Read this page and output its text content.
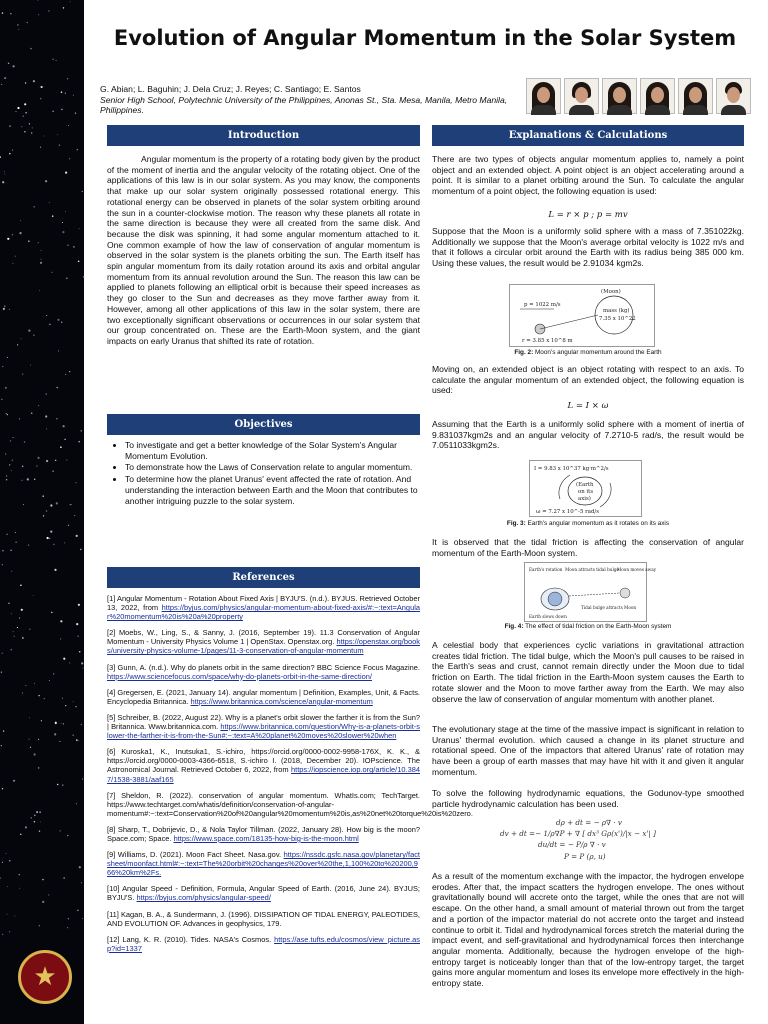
★
Evolution of Angular Momentum in the Solar System
G. Abian; L. Baguhin; J. Dela Cruz; J. Reyes; C. Santiago; E. Santos
Senior High School, Polytechnic University of the Philippines, Anonas St., Sta. Mesa, Manila, Metro Manila, Philippines.
Introduction

Angular momentum is the property of a rotating body given by the product of the moment of inertia and the angular velocity of the rotating object. One of the applications of this law is in our solar system. As you may know, the components that make up our solar system originally possessed rotational energy. This rotational energy can be observed in planets of the solar system orbiting around the sun in a counter-clockwise motion. The reason why these planets all rotate in the same direction is because they were all created from the same disk. And because the disk was spinning, it had some angular momentum attached to it. One common example of how the law of conservation of angular momentum is observed in the solar system is the planets orbiting the sun. The Earth itself has spin angular momentum from its daily rotation around its axis and orbital angular momentum from its annual revolution around the Sun. The reason this law can be applied to planets following an elliptical orbit is because their speed increases as they go closer to the Sun and decreases as they move farther away from it. However, among all other applications of this law in the solar system, there are two exceptionally significant observations or occurrences in our solar system that our group concentrated on. These are the Earth-Moon system, and the giant impacts on early Uranus that shifted its rate of rotation.

Objectives
• To investigate and get a better knowledge of the Solar System's Angular Momentum Evolution.
• To demonstrate how the Laws of Conservation relate to angular momentum.
• To determine how the planet Uranus' event affected the rate of rotation. And understanding the interaction between Earth and the Moon that contributes to another intriguing puzzle to the solar system.
References

[1] Angular Momentum - Rotation About Fixed Axis | BYJU'S. (n.d.). BYJUS. Retrieved October 13, 2022, from https://byjus.com/physics/angular-momentum-about-fixed-axis/#:~:text=Angular%20momentum%20is%20a%20property

[2] Moebs, W., Ling, S., & Sanny, J. (2016, September 19). 11.3 Conservation of Angular Momentum - University Physics Volume 1 | OpenStax. Openstax.org. https://openstax.org/books/university-physics-volume-1/pages/11-3-conservation-of-angular-momentum

[3] Gunn, A. (n.d.). Why do planets orbit in the same direction? BBC Science Focus Magazine. https://www.sciencefocus.com/space/why-do-planets-orbit-in-the-same-direction/

[4] Gregersen, E. (2021, January 14). angular momentum | Definition, Examples, Unit, & Facts. Encyclopedia Britannica. https://www.britannica.com/science/angular-momentum

[5] Schreiber, B. (2022, August 22). Why is a planet's orbit slower the farther it is from the Sun? | Britannica. Www.britannica.com. https://www.britannica.com/question/Why-is-a-planets-orbit-slower-the-farther-it-is-from-the-Sun#:~:text=A%20planet%20moves%20slower%20when

[6] Kuroska1, K., Inutsuka1, S.-ichiro, https://orcid.org/0000-0002-9958-176X, K. K., & https://orcid.org/0000-0003-4366-6518, S.-ichiro I. (2018, December 20). IOPscience. The Astronomical Journal. Retrieved October 6, 2022, from https://iopscience.iop.org/article/10.3847/1538-3881/aaf165

[7] Sheldon, R. (2022). conservation of angular momentum. WhatIs.com; TechTarget. https://www.techtarget.com/whatis/definition/conservation-of-angular-momentum#:~:text=Conservation%20of%20angular%20momentum%20is,as%20net%20torque%20is%20zero.

[8] Sharp, T., Dobrijevic, D., & Nola Taylor Tillman. (2022, January 28). How big is the moon? Space.com; Space. https://www.space.com/18135-how-big-is-the-moon.html

[9] Williams, D. (2021). Moon Fact Sheet. Nasa.gov. https://nssdc.gsfc.nasa.gov/planetary/factsheet/moonfact.html#:~:text=The%20orbit%20changes%20over%20the,1,100%20to%20200,966%20km%2Fs.

[10] Angular Speed - Definition, Formula, Angular Speed of Earth. (2016, June 24). BYJUS; BYJU'S. https://byjus.com/physics/angular-speed/

[11] Kagan, B. A., & Sundermann, J. (1996). DISSIPATION OF TIDAL ENERGY, PALEOTIDES, AND EVOLUTION OF. Advances in geophysics, 179.

[12] Lang, K. R. (2010). Tides. NASA's Cosmos. https://ase.tufts.edu/cosmos/view_picture.asp?id=1337

Explanations & Calculations
There are two types of objects angular momentum applies to, namely a point object and an extended object. A point object is an object accelerating around a point. It is similar to a planet orbiting around the Sun. To calculate the angular momentum of a point object, the following equation is used:
L = r × p ; p = mv
Suppose that the Moon is a uniformly solid sphere with a mass of 7.351022kg. Additionally we suppose that the Moon's average orbital velocity is 1022 m/s and that it follows a circular orbit around the Earth with its radius being 385 000 km. Using these values, the result would be 2.91034 kgm2s.
(Moon)
p = 1022 m/s
mass (kg)
7.35 x 10^22
r = 3.85 x 10^8 m
Fig. 2: Moon's angular momentum around the Earth
Moving on, an extended object is an object rotating with respect to an axis. To calculate the angular momentum of an extended object, the following equation is used:
L = I × ω
Assuming that the Earth is a uniformly solid sphere with a moment of inertia of 9.831037kgm2s and an angular velocity of 7.2710-5 rad/s, the result would be 7.0511033kgm2s.
I = 9.83 x 10^37 kg·m^2/s
(Earth
on its
axis)
ω = 7.27 x 10^-5 rad/s
Fig. 3: Earth's angular momentum as it rotates on its axis
It is observed that the tidal friction is affecting the conservation of angular momentum of the Earth-Moon system.
Earth's rotation Moon attracts tidal bulge
Moon moves away
Tidal bulge attracts Moon
Earth slows down
Fig. 4: The effect of tidal friction on the Earth-Moon system
A celestial body that experiences cyclic variations in gravitational attraction creates tidal friction. The tidal bulge, which the Moon's pull causes to be raised in the Earth's seas and crust, cannot remain directly under the Moon due to tidal friction on Earth. The tidal friction in the Earth-Moon system causes the Earth to rotate slower and the Moon to move farther away from the Earth. We may also observe the law of conservation of angular momentum with another planet.
The evolutionary stage at the time of the massive impact is significant in relation to Uranus' thermal evolution. which caused a change in its planet structure and rotational speed. One of the impactors that altered Uranus' rate of rotation may have been a group of earth masses that may have hit with it and given it angular momentum.
To solve the following hydrodynamic equations, the Godunov-type smoothed particle hydrodynamic calculation has been used.
dρ + dt = − ρ∇ · v
dv + dt =− 1/ρ∇P + ∇ [ dx³ Gρ(x')/|x − x'| ]
du/dt = − P/ρ ∇ · v
P = P (ρ, u)
As a result of the momentum exchange with the impactor, the hydrogen envelope erodes. After that, the impact scatters the hydrogen envelope. The ones without gravitationally bound will accrete onto the target, while the ones that are not will escape. On the other hand, a small amount of material thrown out from the target and a portion of the impactor material do not accrete onto the target and instead continue to orbit it. Tidal and hydrodynamical forces stretch the material during the impact event, and self-gravitational and hydrodynamical forces then interchange angular momenta. Additionally, because the hydrogen envelope of the high-entropy target is noticeably longer than that of the low-entropy target, the target gains more angular momentum and loses its envelope more effectively in the high-entropy state.
